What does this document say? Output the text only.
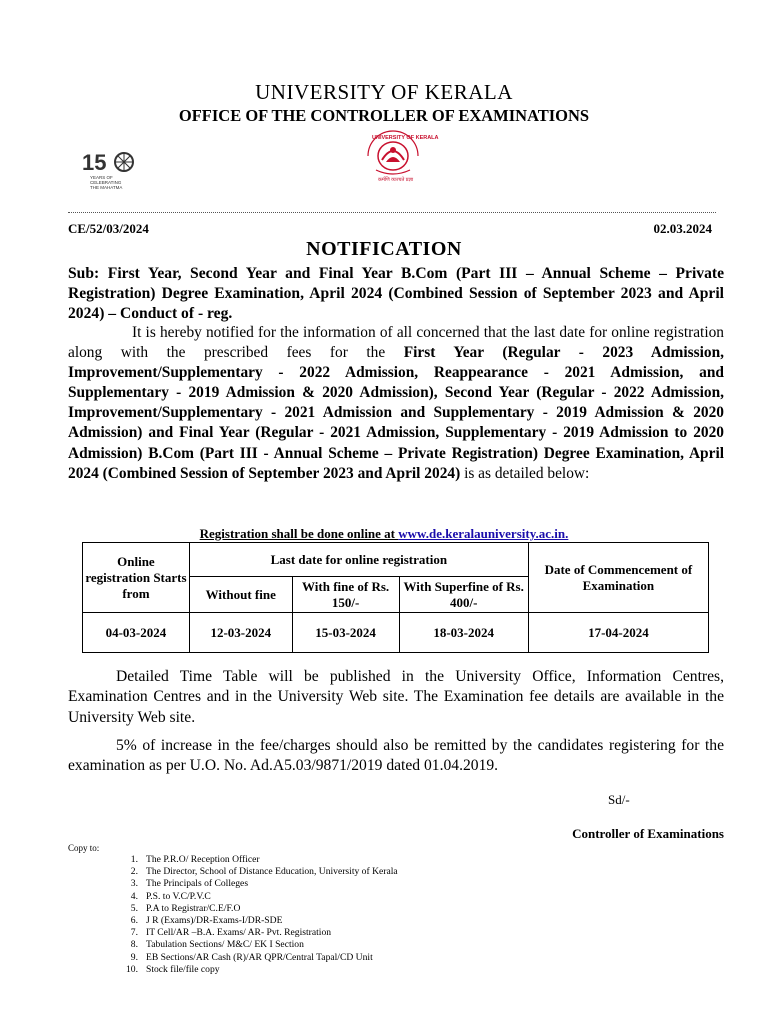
UNIVERSITY OF KERALA
OFFICE OF THE CONTROLLER OF EXAMINATIONS
15
YEARS OF
CELEBRATING
THE MAHATMA
UNIVERSITY OF KERALA
कर्मणि व्यज्यते प्रज्ञा
CE/52/03/2024	02.03.2024
NOTIFICATION
Sub: First Year, Second Year and Final Year B.Com (Part III – Annual Scheme – Private Registration) Degree Examination, April 2024 (Combined Session of September 2023 and April 2024) – Conduct of - reg.
It is hereby notified for the information of all concerned that the last date for online registration along with the prescribed fees for the First Year (Regular - 2023 Admission, Improvement/Supplementary - 2022 Admission, Reappearance - 2021 Admission, and Supplementary - 2019 Admission & 2020 Admission), Second Year (Regular - 2022 Admission, Improvement/Supplementary - 2021 Admission and Supplementary - 2019 Admission & 2020 Admission) and Final Year (Regular - 2021 Admission, Supplementary - 2019 Admission to 2020 Admission) B.Com (Part III - Annual Scheme – Private Registration) Degree Examination, April 2024 (Combined Session of September 2023 and April 2024) is as detailed below:
Registration shall be done online at www.de.keralauniversity.ac.in.
Online registration Starts from	Last date for online registration			Date of Commencement of Examination
	Without fine	With fine of Rs. 150/-	With Superfine of Rs. 400/-	
04-03-2024	12-03-2024	15-03-2024	18-03-2024	17-04-2024
Detailed Time Table will be published in the University Office, Information Centres, Examination Centres and in the University Web site. The Examination fee details are available in the University Web site.
5% of increase in the fee/charges should also be remitted by the candidates registering for the examination as per U.O. No. Ad.A5.03/9871/2019 dated 01.04.2019.
Sd/-
Controller of Examinations
Copy to:
1. The P.R.O/ Reception Officer
2. The Director, School of Distance Education, University of Kerala
3. The Principals of Colleges
4. P.S. to V.C/P.V.C
5. P.A to Registrar/C.E/F.O
6. J R (Exams)/DR-Exams-I/DR-SDE
7. IT Cell/AR –B.A. Exams/ AR- Pvt. Registration
8. Tabulation Sections/ M&C/ EK I Section
9. EB Sections/AR Cash (R)/AR QPR/Central Tapal/CD Unit
10. Stock file/file copy
